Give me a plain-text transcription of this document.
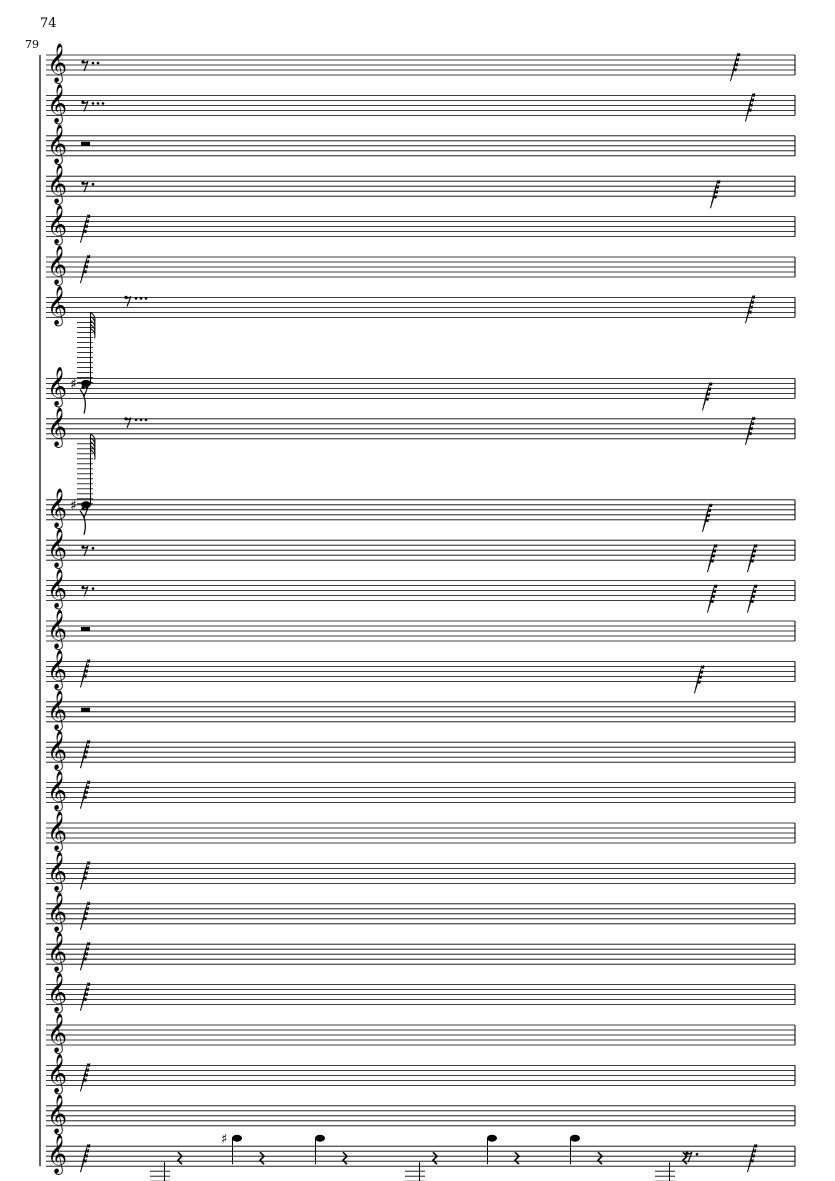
74
79 𝄞
𝄞
𝄞
𝄞
𝄞
𝄞
𝄞
♯
𝄞
𝄞
♯
𝄞
𝄞
𝄞
𝄞
𝄞
𝄞
𝄞
𝄞
𝄞
𝄞
𝄞
𝄞
𝄞
𝄞
𝄞
𝄞
𝄞	♯
